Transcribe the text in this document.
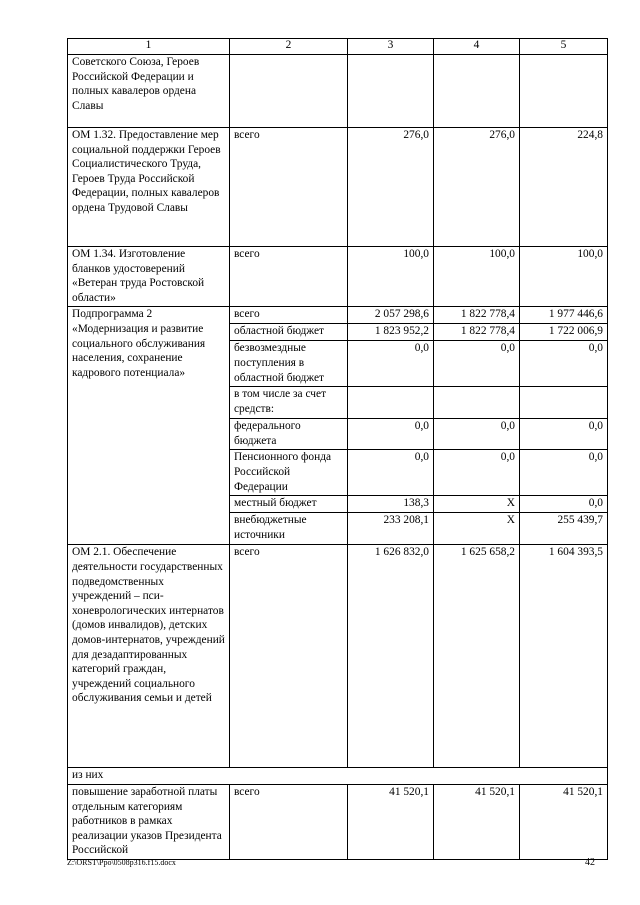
1	2	3	4	5
Советского Союза, Героев Российской Федерации и полных кавалеров ордена Славы				
ОМ 1.32. Предоставление мер социальной поддержки Героев Социалистического Труда, Героев Труда Российской Федерации, полных кавалеров ордена Трудовой Славы	всего	276,0	276,0	224,8
ОМ 1.34. Изготовление бланков удостоверений «Ветеран труда Ростовской области»	всего	100,0	100,0	100,0
Подпрограмма 2 «Модернизация и развитие социального обслуживания населения, сохранение кадрового потенциала»	всего	2 057 298,6	1 822 778,4	1 977 446,6
	областной бюджет	1 823 952,2	1 822 778,4	1 722 006,9
	безвозмездные поступления в областной бюджет	0,0	0,0	0,0
	в том числе за счет средств:			
	федерального бюджета	0,0	0,0	0,0
	Пенсионного фонда Российской Федерации	0,0	0,0	0,0
	местный бюджет	138,3	Х	0,0
	внебюджетные источники	233 208,1	Х	255 439,7
ОМ 2.1. Обеспечение деятельности государственных подведомственных учреждений – пси-хоневрологических интернатов (домов инвалидов), детских домов-интернатов, учреждений для дезадаптированных категорий граждан, учреждений социального обслуживания семьи и детей	всего	1 626 832,0	1 625 658,2	1 604 393,5
из них				
повышение заработной платы отдельным категориям работников в рамках реализации указов Президента Российской	всего	41 520,1	41 520,1	41 520,1
Z:\ORST\Ppo\0508p316.f15.docx	42
